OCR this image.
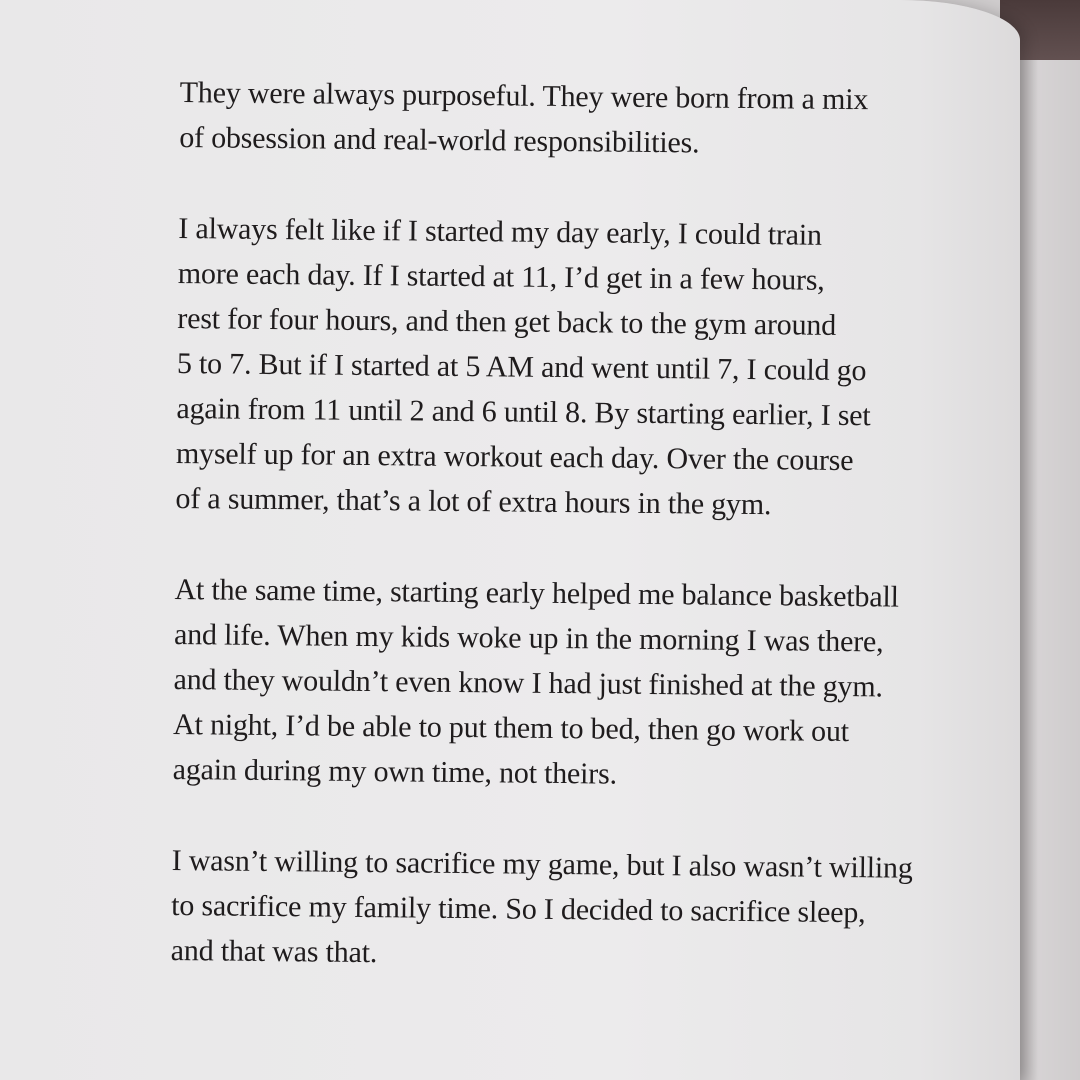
They were always purposeful. They were born from a mix
of obsession and real-world responsibilities.

I always felt like if I started my day early, I could train
more each day. If I started at 11, I’d get in a few hours,
rest for four hours, and then get back to the gym around
5 to 7. But if I started at 5 AM and went until 7, I could go
again from 11 until 2 and 6 until 8. By starting earlier, I set
myself up for an extra workout each day. Over the course
of a summer, that’s a lot of extra hours in the gym.

At the same time, starting early helped me balance basketball
and life. When my kids woke up in the morning I was there,
and they wouldn’t even know I had just finished at the gym.
At night, I’d be able to put them to bed, then go work out
again during my own time, not theirs.

I wasn’t willing to sacrifice my game, but I also wasn’t willing
to sacrifice my family time. So I decided to sacrifice sleep,
and that was that.
